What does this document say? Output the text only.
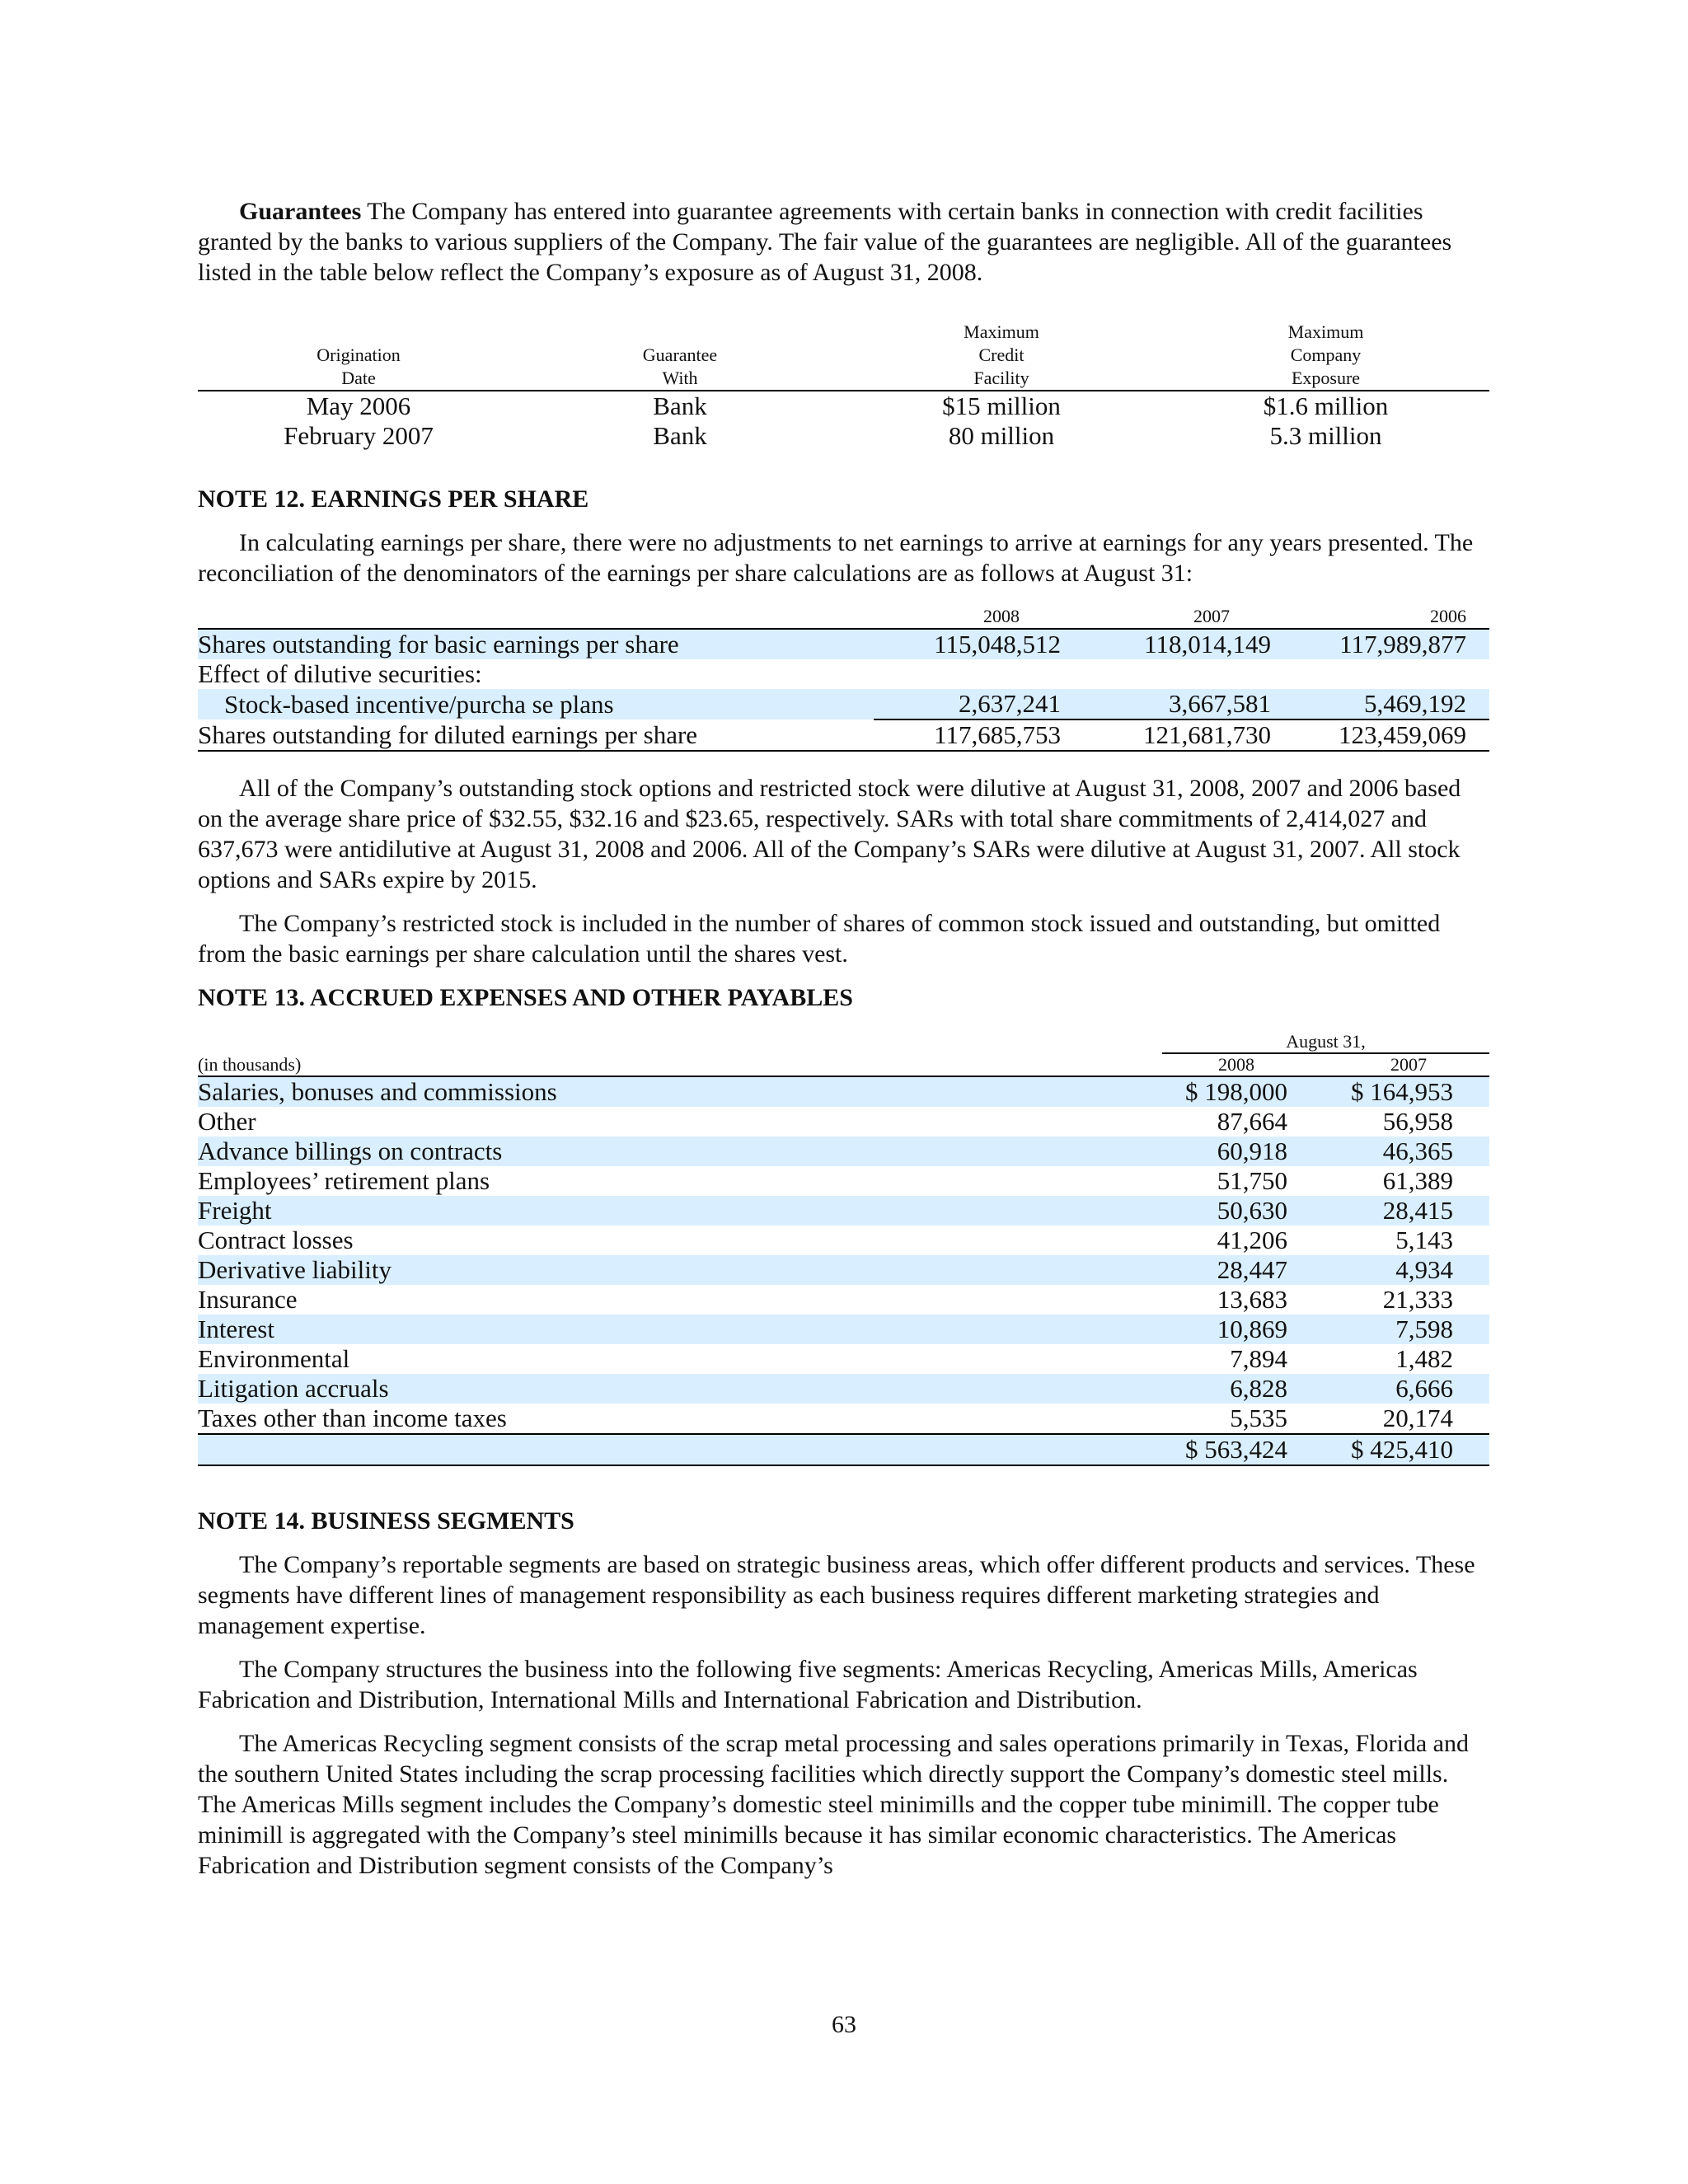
Guarantees The Company has entered into guarantee agreements with certain banks in connection with credit facilities granted by the banks to various suppliers of the Company. The fair value of the guarantees are negligible. All of the guarantees listed in the table below reflect the Company’s exposure as of August 31, 2008.

		Maximum	Maximum
Origination	Guarantee	Credit	Company
Date	With	Facility	Exposure
May 2006	Bank	$15 million	$1.6 million
February 2007	Bank	80 million	5.3 million
NOTE 12. EARNINGS PER SHARE

In calculating earnings per share, there were no adjustments to net earnings to arrive at earnings for any years presented. The reconciliation of the denominators of the earnings per share calculations are as follows at August 31:

	2008	2007	2006
Shares outstanding for basic earnings per share	115,048,512	118,014,149	117,989,877
Effect of dilutive securities:			
Stock-based incentive/purcha se plans	2,637,241	3,667,581	5,469,192
Shares outstanding for diluted earnings per share	117,685,753	121,681,730	123,459,069

All of the Company’s outstanding stock options and restricted stock were dilutive at August 31, 2008, 2007 and 2006 based on the average share price of $32.55, $32.16 and $23.65, respectively. SARs with total share commitments of 2,414,027 and 637,673 were antidilutive at August 31, 2008 and 2006. All of the Company’s SARs were dilutive at August 31, 2007. All stock options and SARs expire by 2015.

The Company’s restricted stock is included in the number of shares of common stock issued and outstanding, but omitted from the basic earnings per share calculation until the shares vest.

NOTE 13. ACCRUED EXPENSES AND OTHER PAYABLES
	August 31,	
(in thousands)	2008	2007
Salaries, bonuses and commissions	$ 198,000	$ 164,953
Other	87,664	56,958
Advance billings on contracts	60,918	46,365
Employees’ retirement plans	51,750	61,389
Freight	50,630	28,415
Contract losses	41,206	5,143
Derivative liability	28,447	4,934
Insurance	13,683	21,333
Interest	10,869	7,598
Environmental	7,894	1,482
Litigation accruals	6,828	6,666
Taxes other than income taxes	5,535	20,174
	$ 563,424	$ 425,410
NOTE 14. BUSINESS SEGMENTS

The Company’s reportable segments are based on strategic business areas, which offer different products and services. These segments have different lines of management responsibility as each business requires different marketing strategies and management expertise.

The Company structures the business into the following five segments: Americas Recycling, Americas Mills, Americas Fabrication and Distribution, International Mills and International Fabrication and Distribution.

The Americas Recycling segment consists of the scrap metal processing and sales operations primarily in Texas, Florida and the southern United States including the scrap processing facilities which directly support the Company’s domestic steel mills. The Americas Mills segment includes the Company’s domestic steel minimills and the copper tube minimill. The copper tube minimill is aggregated with the Company’s steel minimills because it has similar economic characteristics. The Americas Fabrication and Distribution segment consists of the Company’s

63
